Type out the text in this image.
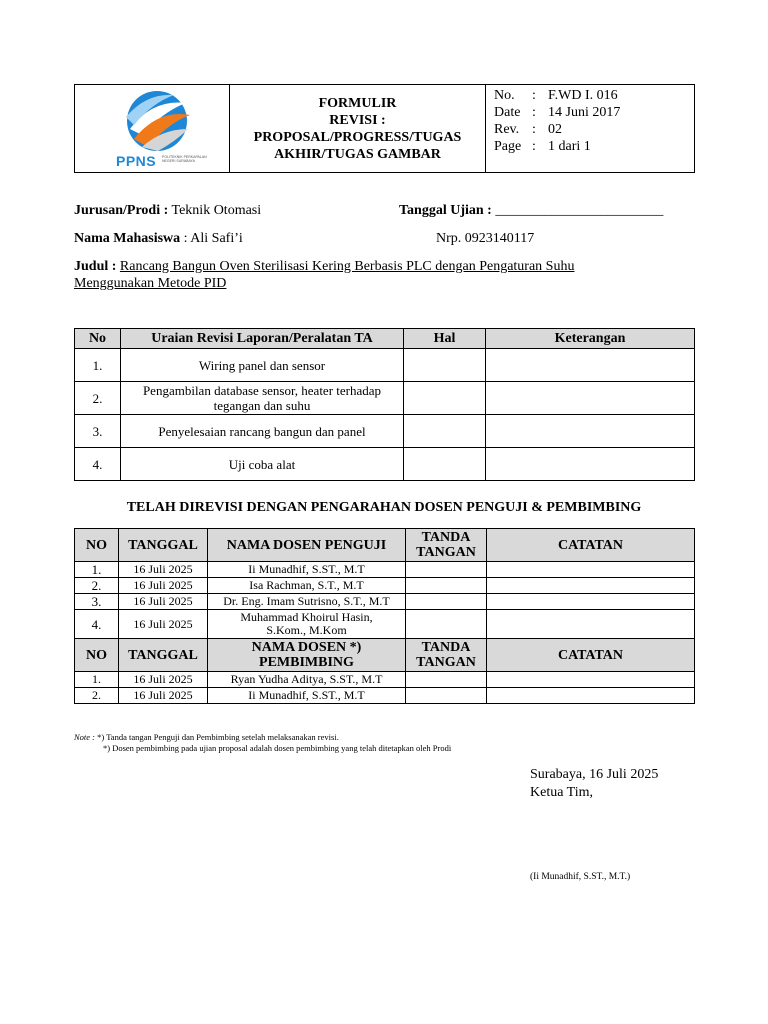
PPNS POLITEKNIK PERKAPALAN NEGERI SURABAYA

FORMULIR
REVISI :
PROPOSAL/PROGRESS/TUGAS
AKHIR/TUGAS GAMBAR

No.	:	F.WD I. 016
Date	:	14 Juni 2017
Rev.	:	02
Page	:	1 dari 1
Jurusan/Prodi : Teknik Otomasi	Tanggal Ujian : ________________________
Nama Mahasiswa : Ali Safi’i	Nrp. 0923140117
Judul : Rancang Bangun Oven Sterilisasi Kering Berbasis PLC dengan Pengaturan Suhu
Menggunakan Metode PID
No	Uraian Revisi Laporan/Peralatan TA	Hal	Keterangan
1.	Wiring panel dan sensor		
2.	Pengambilan database sensor, heater terhadap tegangan dan suhu		
3.	Penyelesaian rancang bangun dan panel		
4.	Uji coba alat		
TELAH DIREVISI DENGAN PENGARAHAN DOSEN PENGUJI & PEMBIMBING
NO	TANGGAL	NAMA DOSEN PENGUJI	TANDA TANGAN	CATATAN
1.	16 Juli 2025	Ii Munadhif, S.ST., M.T		
2.	16 Juli 2025	Isa Rachman, S.T., M.T		
3.	16 Juli 2025	Dr. Eng. Imam Sutrisno, S.T., M.T		
4.	16 Juli 2025	Muhammad Khoirul Hasin, S.Kom., M.Kom		
NO	TANGGAL	NAMA DOSEN *) PEMBIMBING	TANDA TANGAN	CATATAN
1.	16 Juli 2025	Ryan Yudha Aditya, S.ST., M.T		
2.	16 Juli 2025	Ii Munadhif, S.ST., M.T		
Note : *) Tanda tangan Penguji dan Pembimbing setelah melaksanakan revisi.
*) Dosen pembimbing pada ujian proposal adalah dosen pembimbing yang telah ditetapkan oleh Prodi
Surabaya, 16 Juli 2025
Ketua Tim,
(Ii Munadhif, S.ST., M.T.)
